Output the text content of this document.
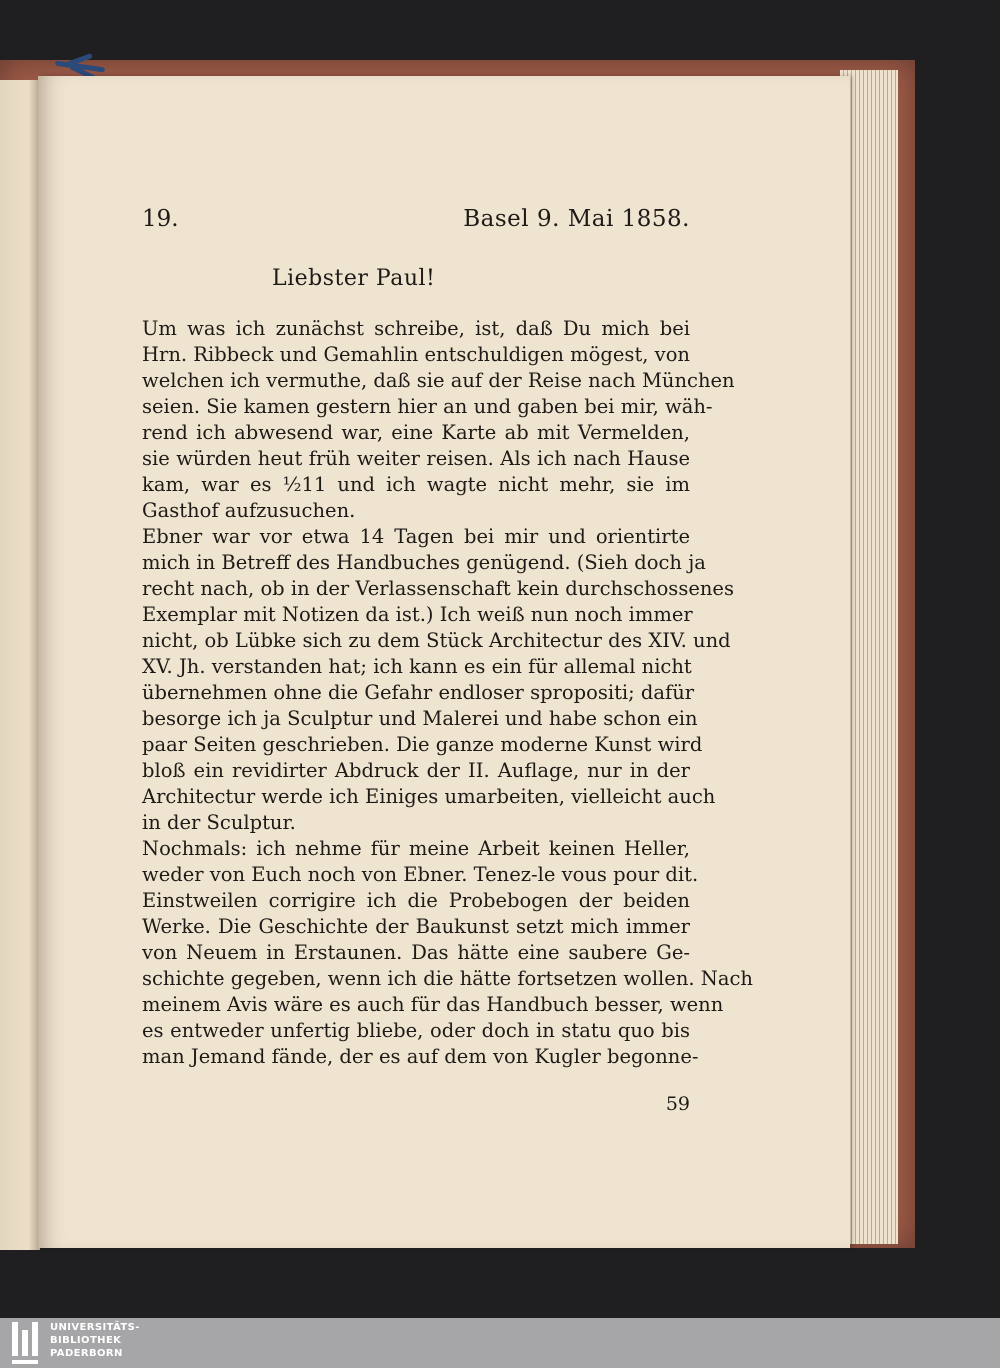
19.	Basel 9. Mai 1858.
Liebster Paul!
Um was ich zunächst schreibe, ist, daß Du mich bei
Hrn. Ribbeck und Gemahlin entschuldigen mögest, von
welchen ich vermuthe, daß sie auf der Reise nach München
seien. Sie kamen gestern hier an und gaben bei mir, wäh-
rend ich abwesend war, eine Karte ab mit Vermelden,
sie würden heut früh weiter reisen. Als ich nach Hause
kam, war es ½11 und ich wagte nicht mehr, sie im
Gasthof aufzusuchen.
Ebner war vor etwa 14 Tagen bei mir und orientirte
mich in Betreff des Handbuches genügend. (Sieh doch ja
recht nach, ob in der Verlassenschaft kein durchschossenes
Exemplar mit Notizen da ist.) Ich weiß nun noch immer
nicht, ob Lübke sich zu dem Stück Architectur des XIV. und
XV. Jh. verstanden hat; ich kann es ein für allemal nicht
übernehmen ohne die Gefahr endloser spropositi; dafür
besorge ich ja Sculptur und Malerei und habe schon ein
paar Seiten geschrieben. Die ganze moderne Kunst wird
bloß ein revidirter Abdruck der II. Auflage, nur in der
Architectur werde ich Einiges umarbeiten, vielleicht auch
in der Sculptur.
Nochmals: ich nehme für meine Arbeit keinen Heller,
weder von Euch noch von Ebner. Tenez-le vous pour dit.
Einstweilen corrigire ich die Probebogen der beiden
Werke. Die Geschichte der Baukunst setzt mich immer
von Neuem in Erstaunen. Das hätte eine saubere Ge-
schichte gegeben, wenn ich die hätte fortsetzen wollen. Nach
meinem Avis wäre es auch für das Handbuch besser, wenn
es entweder unfertig bliebe, oder doch in statu quo bis
man Jemand fände, der es auf dem von Kugler begonne-
59
UNIVERSITÄTS-
BIBLIOTHEK
PADERBORN
